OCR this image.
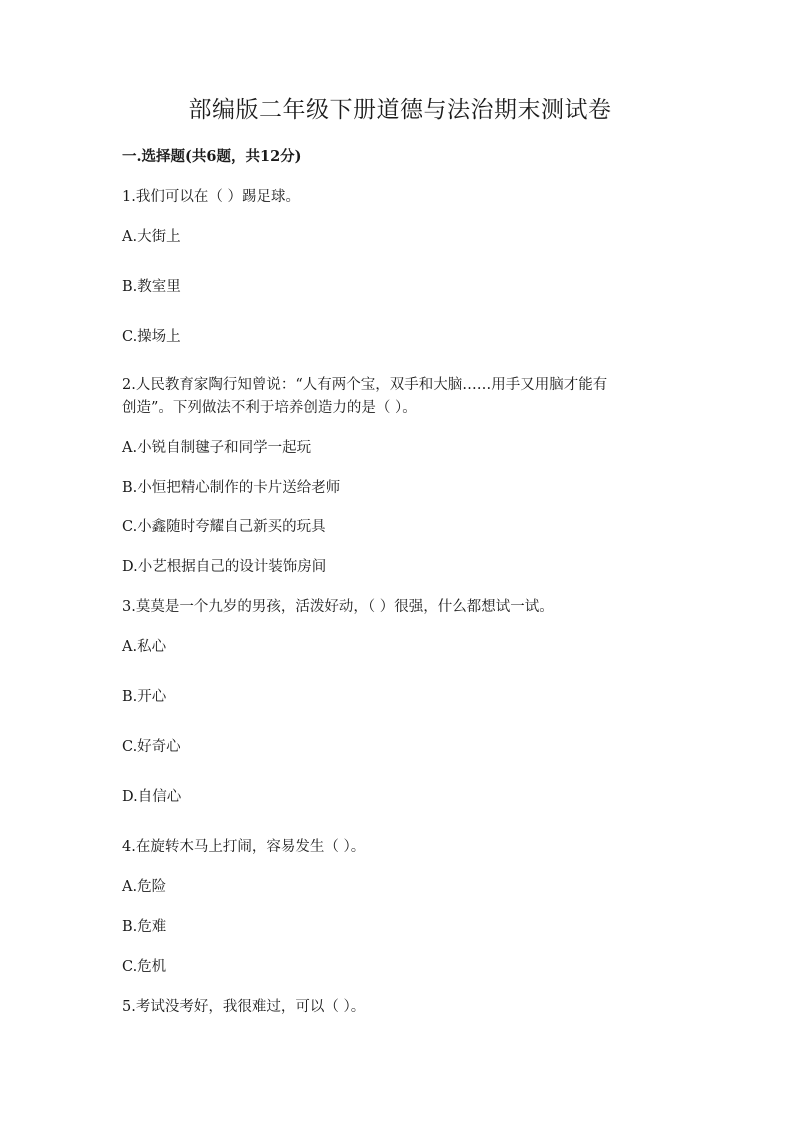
部编版二年级下册道德与法治期末测试卷
一.选择题(共6题，共12分)
1.我们可以在（ ）踢足球。
A.大街上
B.教室里
C.操场上
2.人民教育家陶行知曾说：“人有两个宝，双手和大脑……用手又用脑才能有
创造”。下列做法不利于培养创造力的是（ ）。
A.小锐自制毽子和同学一起玩
B.小恒把精心制作的卡片送给老师
C.小鑫随时夸耀自己新买的玩具
D.小艺根据自己的设计装饰房间
3.莫莫是一个九岁的男孩，活泼好动，（ ）很强，什么都想试一试。
A.私心
B.开心
C.好奇心
D.自信心
4.在旋转木马上打闹，容易发生（ ）。
A.危险
B.危难
C.危机
5.考试没考好，我很难过，可以（ ）。
